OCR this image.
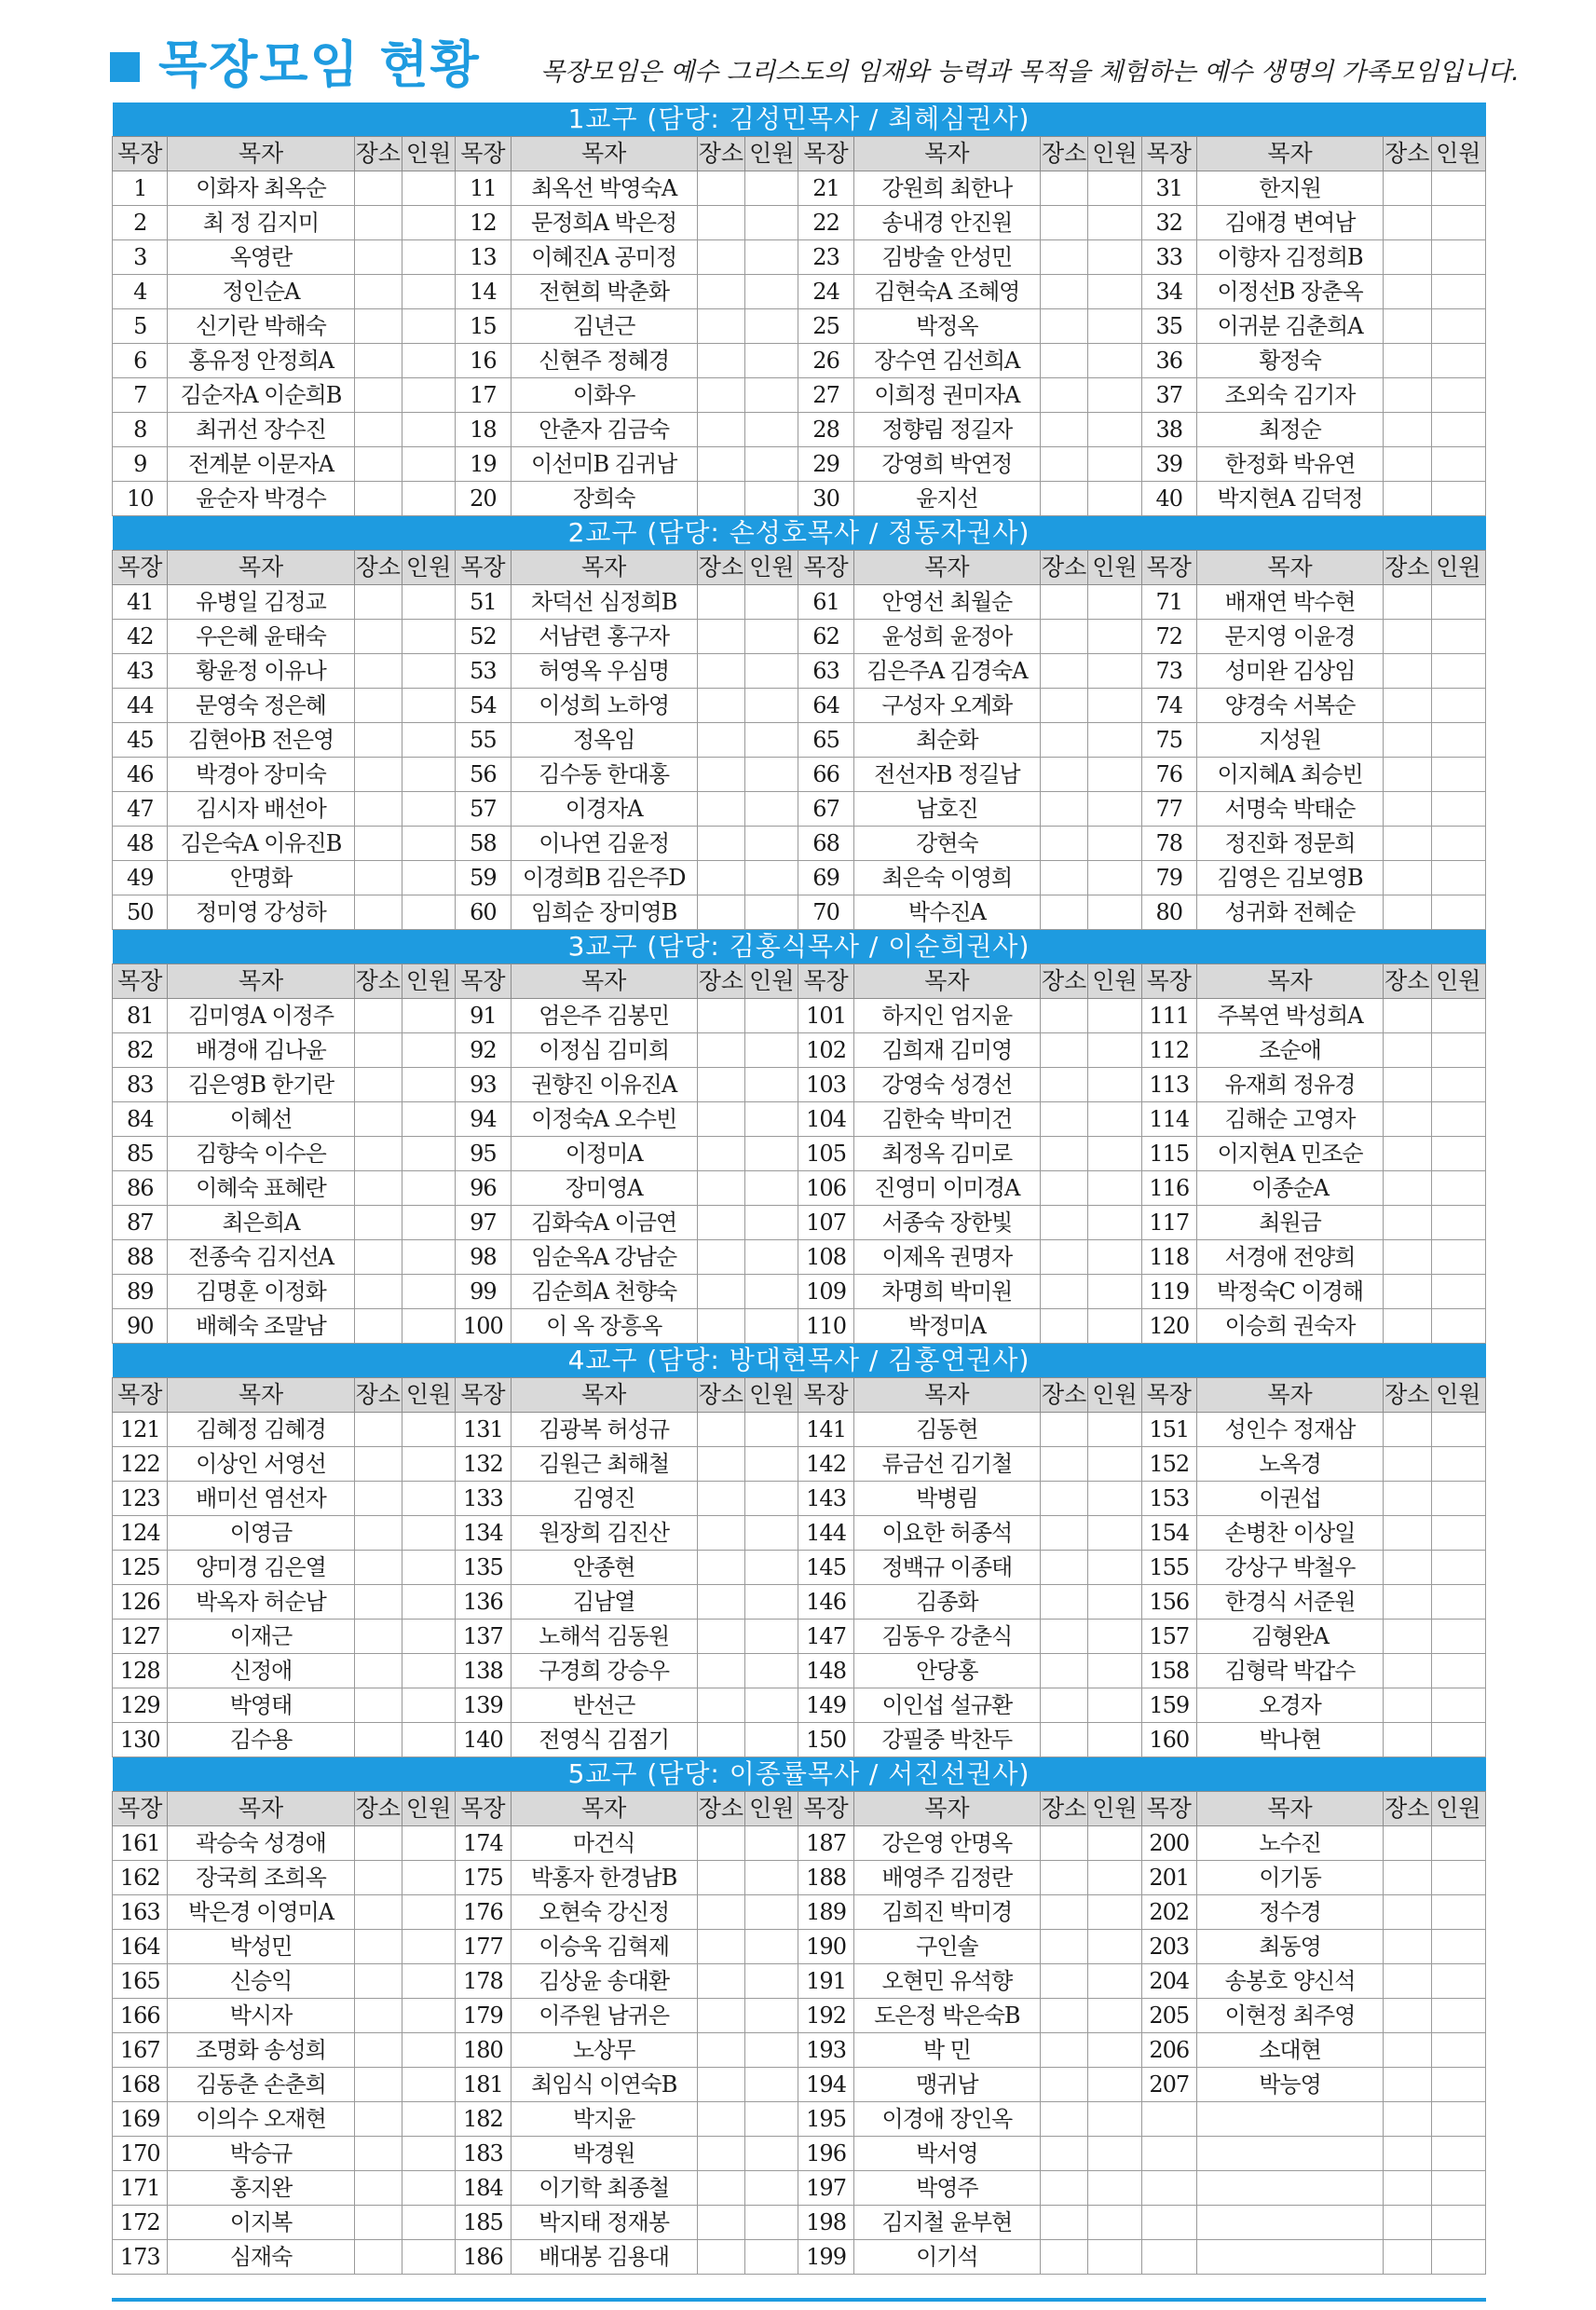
목장모임 현황 목장모임은 예수 그리스도의 임재와 능력과 목적을 체험하는 예수 생명의 가족모임입니다.
1교구 (담당: 김성민목사 / 최혜심권사)															
목장	목자	장소	인원	목장	목자	장소	인원	목장	목자	장소	인원	목장	목자	장소	인원
1	이화자 최옥순			11	최옥선 박영숙A			21	강원희 최한나			31	한지원		
2	최 정 김지미			12	문정희A 박은정			22	송내경 안진원			32	김애경 변여남		
3	옥영란			13	이혜진A 공미정			23	김방술 안성민			33	이향자 김정희B		
4	정인순A			14	전현희 박춘화			24	김현숙A 조혜영			34	이정선B 장춘옥		
5	신기란 박해숙			15	김년근			25	박정옥			35	이귀분 김춘희A		
6	홍유정 안정희A			16	신현주 정혜경			26	장수연 김선희A			36	황정숙		
7	김순자A 이순희B			17	이화우			27	이희정 권미자A			37	조외숙 김기자		
8	최귀선 장수진			18	안춘자 김금숙			28	정향림 정길자			38	최정순		
9	전계분 이문자A			19	이선미B 김귀남			29	강영희 박연정			39	한정화 박유연		
10	윤순자 박경수			20	장희숙			30	윤지선			40	박지현A 김덕정		
2교구 (담당: 손성호목사 / 정동자권사)															
목장	목자	장소	인원	목장	목자	장소	인원	목장	목자	장소	인원	목장	목자	장소	인원
41	유병일 김정교			51	차덕선 심정희B			61	안영선 최월순			71	배재연 박수현		
42	우은혜 윤태숙			52	서남련 홍구자			62	윤성희 윤정아			72	문지영 이윤경		
43	황윤정 이유나			53	허영옥 우심명			63	김은주A 김경숙A			73	성미완 김상임		
44	문영숙 정은혜			54	이성희 노하영			64	구성자 오계화			74	양경숙 서복순		
45	김현아B 전은영			55	정옥임			65	최순화			75	지성원		
46	박경아 장미숙			56	김수동 한대홍			66	전선자B 정길남			76	이지혜A 최승빈		
47	김시자 배선아			57	이경자A			67	남호진			77	서명숙 박태순		
48	김은숙A 이유진B			58	이나연 김윤정			68	강현숙			78	정진화 정문희		
49	안명화			59	이경희B 김은주D			69	최은숙 이영희			79	김영은 김보영B		
50	정미영 강성하			60	임희순 장미영B			70	박수진A			80	성귀화 전혜순		
3교구 (담당: 김홍식목사 / 이순희권사)															
목장	목자	장소	인원	목장	목자	장소	인원	목장	목자	장소	인원	목장	목자	장소	인원
81	김미영A 이정주			91	엄은주 김봉민			101	하지인 엄지윤			111	주복연 박성희A		
82	배경애 김나윤			92	이정심 김미희			102	김희재 김미영			112	조순애		
83	김은영B 한기란			93	권향진 이유진A			103	강영숙 성경선			113	유재희 정유경		
84	이혜선			94	이정숙A 오수빈			104	김한숙 박미건			114	김해순 고영자		
85	김향숙 이수은			95	이정미A			105	최정옥 김미로			115	이지현A 민조순		
86	이혜숙 표혜란			96	장미영A			106	진영미 이미경A			116	이종순A		
87	최은희A			97	김화숙A 이금연			107	서종숙 장한빛			117	최원금		
88	전종숙 김지선A			98	임순옥A 강남순			108	이제옥 권명자			118	서경애 전양희		
89	김명훈 이정화			99	김순희A 천향숙			109	차명희 박미원			119	박정숙C 이경해		
90	배혜숙 조말남			100	이 옥 장흥옥			110	박정미A			120	이승희 권숙자		
4교구 (담당: 방대현목사 / 김홍연권사)															
목장	목자	장소	인원	목장	목자	장소	인원	목장	목자	장소	인원	목장	목자	장소	인원
121	김혜정 김혜경			131	김광복 허성규			141	김동현			151	성인수 정재삼		
122	이상인 서영선			132	김원근 최해철			142	류금선 김기철			152	노옥경		
123	배미선 염선자			133	김영진			143	박병림			153	이권섭		
124	이영금			134	원장희 김진산			144	이요한 허종석			154	손병찬 이상일		
125	양미경 김은열			135	안종현			145	정백규 이종태			155	강상구 박철우		
126	박옥자 허순남			136	김남열			146	김종화			156	한경식 서준원		
127	이재근			137	노해석 김동원			147	김동우 강춘식			157	김형완A		
128	신정애			138	구경희 강승우			148	안당홍			158	김형락 박갑수		
129	박영태			139	반선근			149	이인섭 설규환			159	오경자		
130	김수용			140	전영식 김점기			150	강필중 박찬두			160	박나현		
5교구 (담당: 이종률목사 / 서진선권사)															
목장	목자	장소	인원	목장	목자	장소	인원	목장	목자	장소	인원	목장	목자	장소	인원
161	곽승숙 성경애			174	마건식			187	강은영 안명옥			200	노수진		
162	장국희 조희옥			175	박홍자 한경남B			188	배영주 김정란			201	이기동		
163	박은경 이영미A			176	오현숙 강신정			189	김희진 박미경			202	정수경		
164	박성민			177	이승욱 김혁제			190	구인솔			203	최동영		
165	신승익			178	김상윤 송대환			191	오현민 유석향			204	송봉호 양신석		
166	박시자			179	이주원 남귀은			192	도은정 박은숙B			205	이현정 최주영		
167	조명화 송성희			180	노상무			193	박 민			206	소대현		
168	김동춘 손춘희			181	최임식 이연숙B			194	맹귀남			207	박능영		
169	이의수 오재현			182	박지윤			195	이경애 장인옥						
170	박승규			183	박경원			196	박서영						
171	홍지완			184	이기학 최종철			197	박영주						
172	이지복			185	박지태 정재봉			198	김지철 윤부현						
173	심재숙			186	배대봉 김용대			199	이기석						
